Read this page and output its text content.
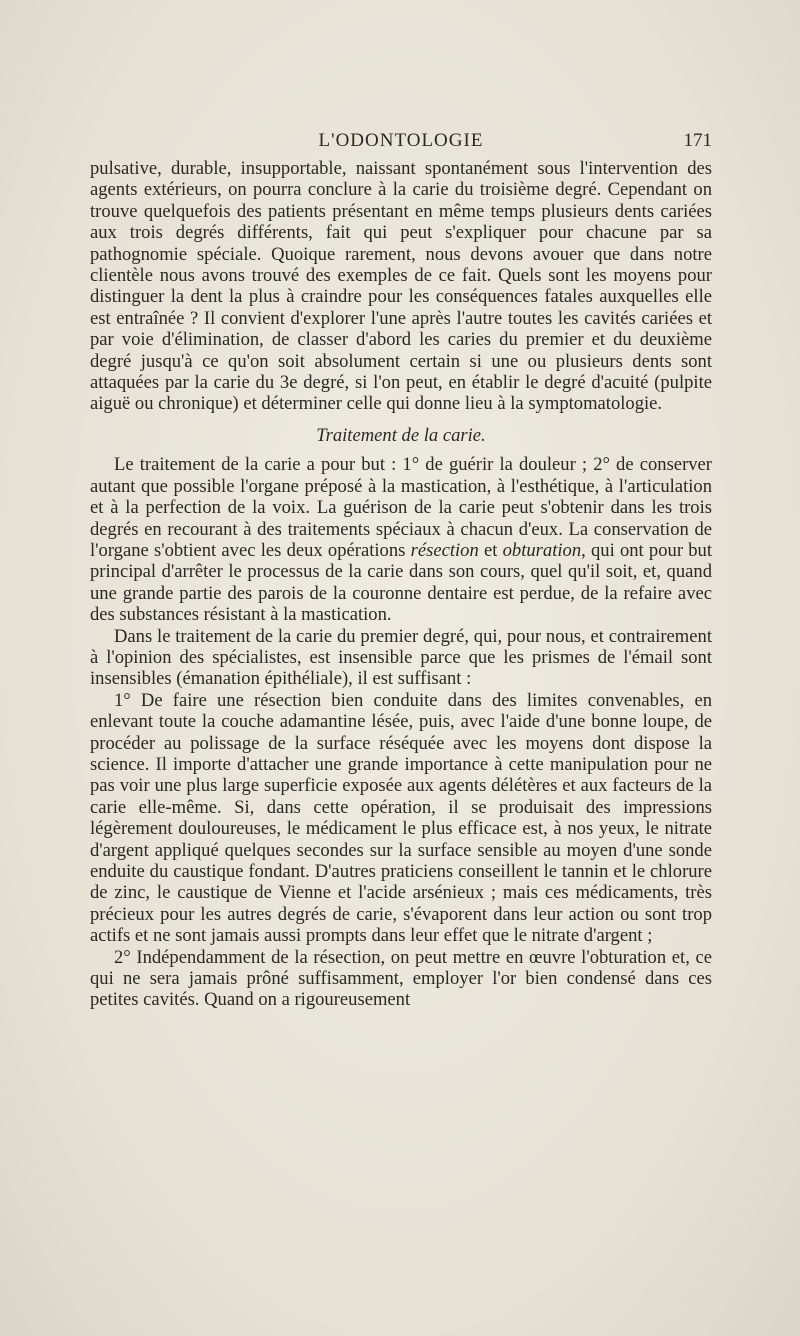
L'ODONTOLOGIE	171

pulsative, durable, insupportable, naissant spontanément sous l'intervention des agents extérieurs, on pourra conclure à la carie du troisième degré. Cependant on trouve quelquefois des patients présentant en même temps plusieurs dents cariées aux trois degrés différents, fait qui peut s'expliquer pour chacune par sa pathognomie spéciale. Quoique rarement, nous devons avouer que dans notre clientèle nous avons trouvé des exemples de ce fait. Quels sont les moyens pour distinguer la dent la plus à craindre pour les conséquences fatales auxquelles elle est entraînée ? Il convient d'explorer l'une après l'autre toutes les cavités cariées et par voie d'élimination, de classer d'abord les caries du premier et du deuxième degré jusqu'à ce qu'on soit absolument certain si une ou plusieurs dents sont attaquées par la carie du 3e degré, si l'on peut, en établir le degré d'acuité (pulpite aiguë ou chronique) et déterminer celle qui donne lieu à la symptomatologie.

Traitement de la carie.

Le traitement de la carie a pour but : 1° de guérir la douleur ; 2° de conserver autant que possible l'organe préposé à la mastication, à l'esthétique, à l'articulation et à la perfection de la voix. La guérison de la carie peut s'obtenir dans les trois degrés en recourant à des traitements spéciaux à chacun d'eux. La conservation de l'organe s'obtient avec les deux opérations résection et obturation, qui ont pour but principal d'arrêter le processus de la carie dans son cours, quel qu'il soit, et, quand une grande partie des parois de la couronne dentaire est perdue, de la refaire avec des substances résistant à la mastication.

Dans le traitement de la carie du premier degré, qui, pour nous, et contrairement à l'opinion des spécialistes, est insensible parce que les prismes de l'émail sont insensibles (émanation épithéliale), il est suffisant :

1° De faire une résection bien conduite dans des limites convenables, en enlevant toute la couche adamantine lésée, puis, avec l'aide d'une bonne loupe, de procéder au polissage de la surface réséquée avec les moyens dont dispose la science. Il importe d'attacher une grande importance à cette manipulation pour ne pas voir une plus large superficie exposée aux agents délétères et aux facteurs de la carie elle-même. Si, dans cette opération, il se produisait des impressions légèrement douloureuses, le médicament le plus efficace est, à nos yeux, le nitrate d'argent appliqué quelques secondes sur la surface sensible au moyen d'une sonde enduite du caustique fondant. D'autres praticiens conseillent le tannin et le chlorure de zinc, le caustique de Vienne et l'acide arsénieux ; mais ces médicaments, très précieux pour les autres degrés de carie, s'évaporent dans leur action ou sont trop actifs et ne sont jamais aussi prompts dans leur effet que le nitrate d'argent ;

2° Indépendamment de la résection, on peut mettre en œuvre l'obturation et, ce qui ne sera jamais prôné suffisamment, employer l'or bien condensé dans ces petites cavités. Quand on a rigoureusement
